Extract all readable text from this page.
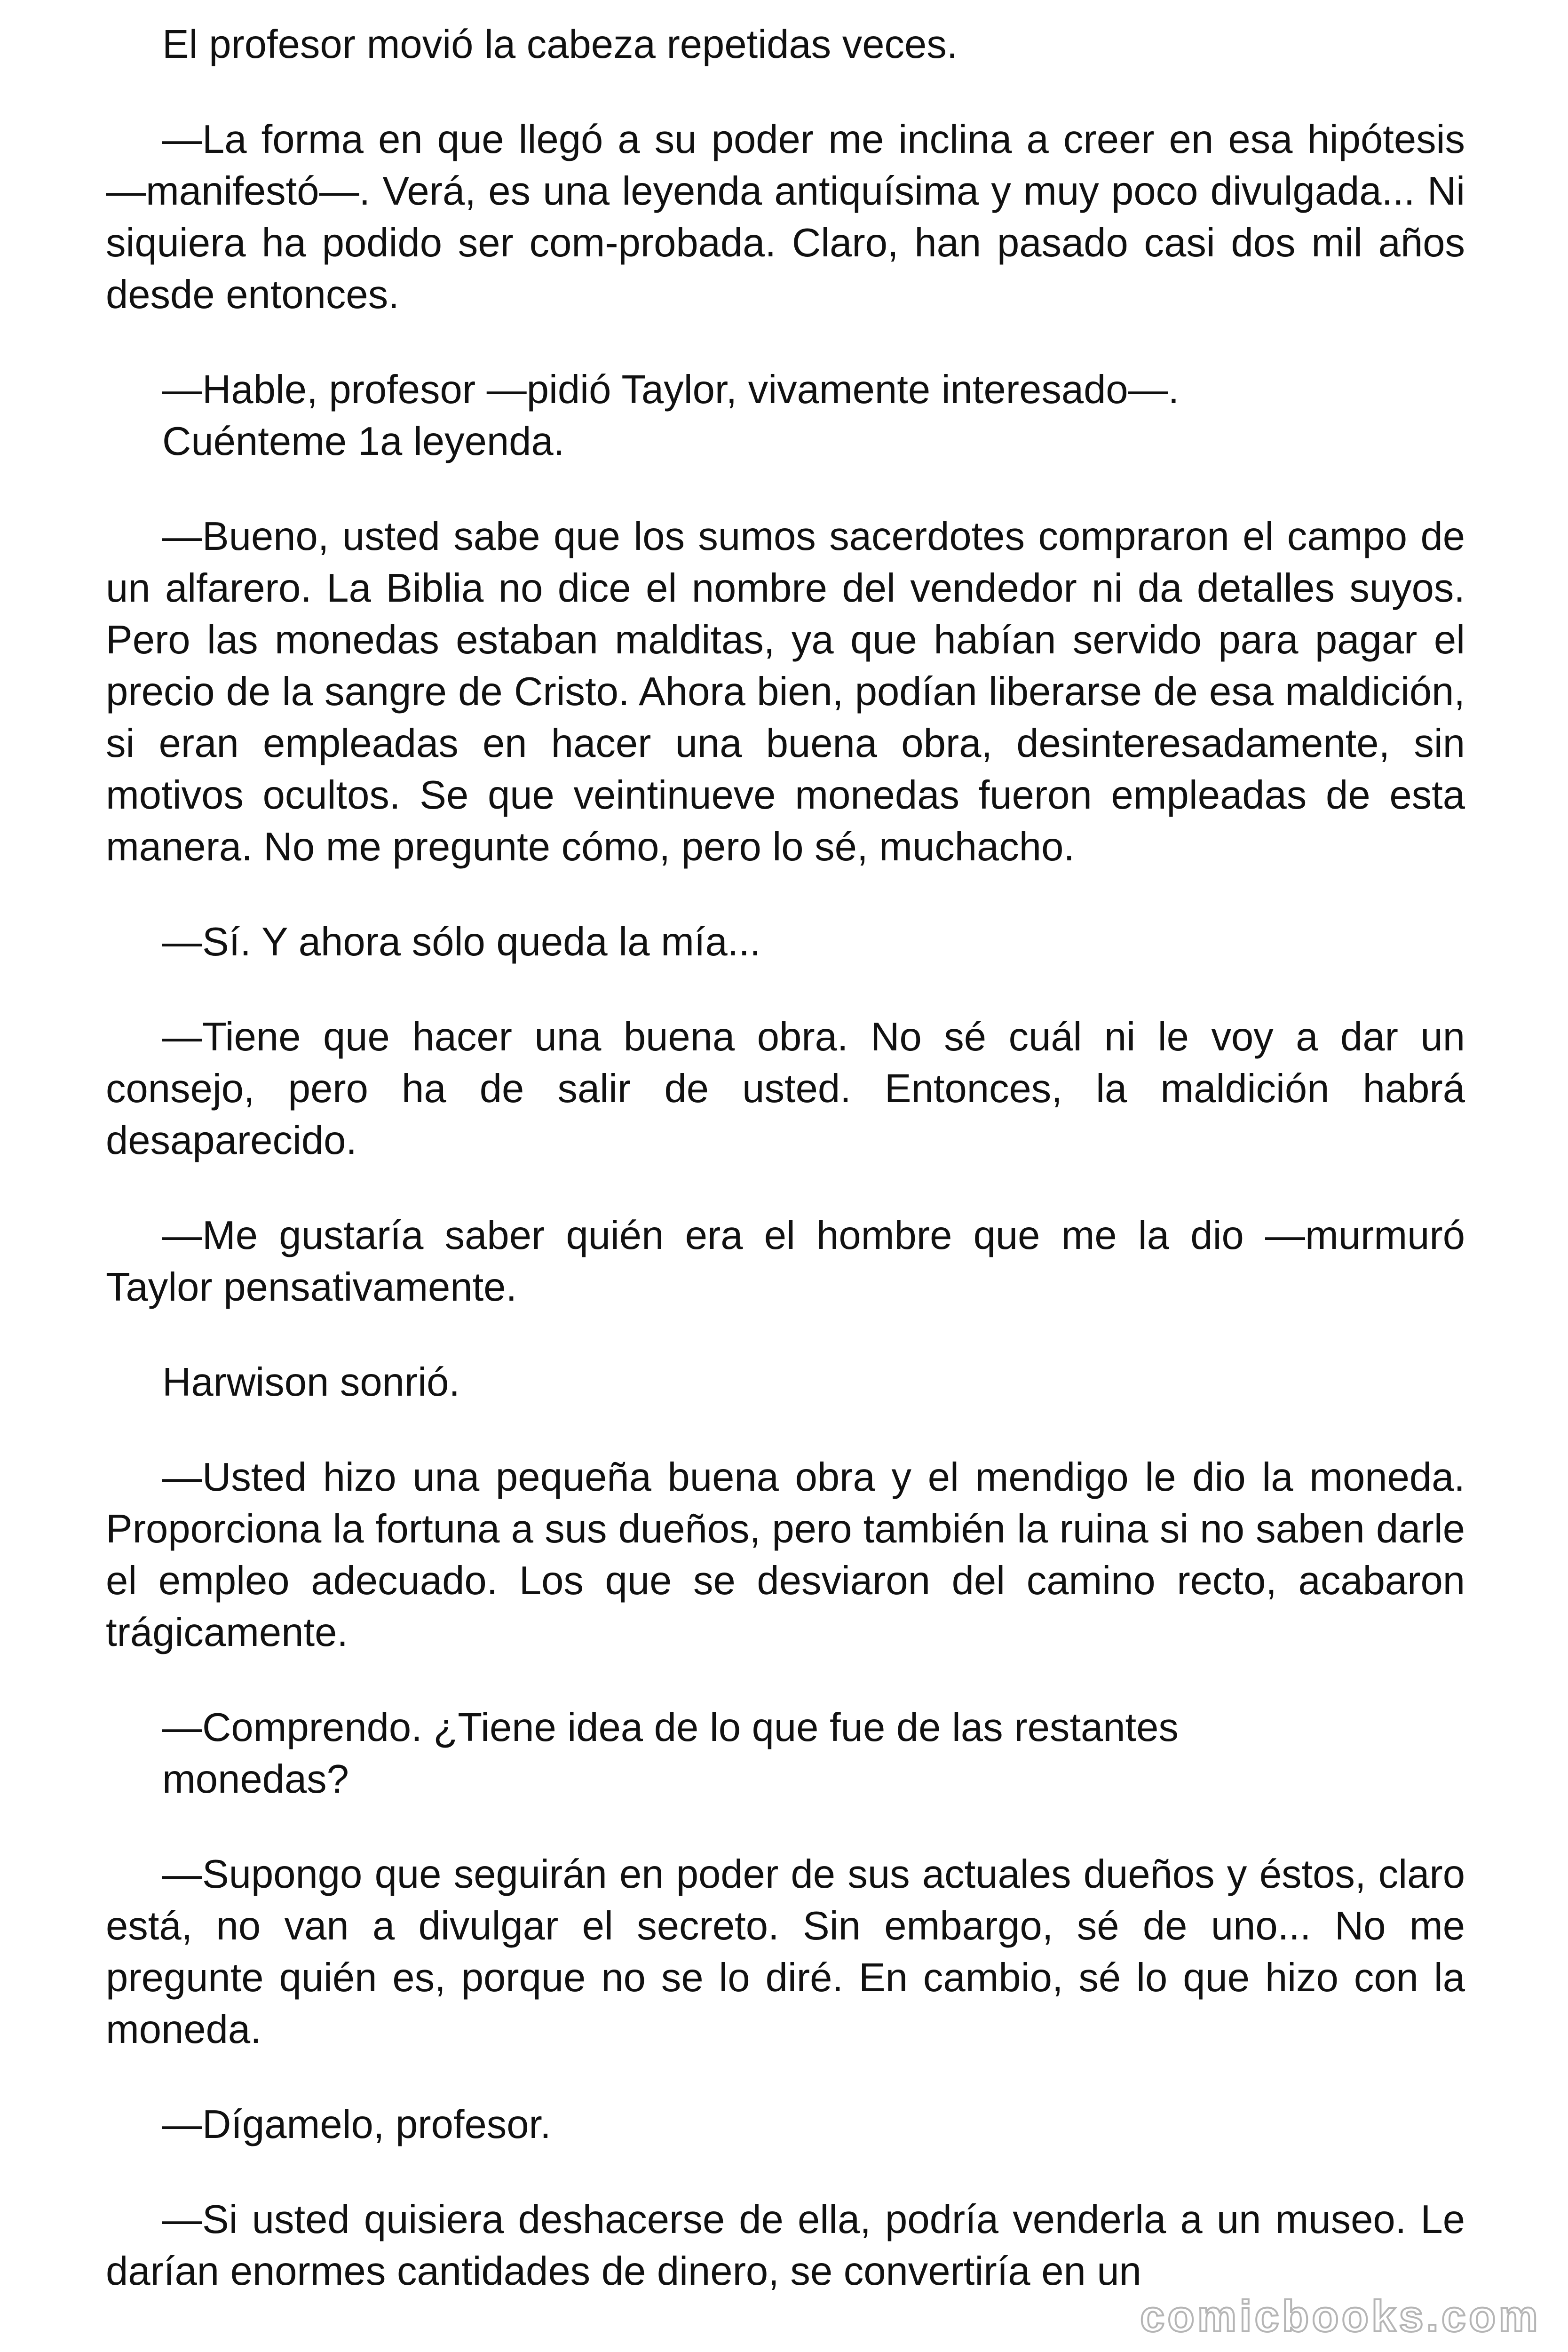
El profesor movió la cabeza repetidas veces.

—La forma en que llegó a su poder me inclina a creer en esa hipótesis —manifestó—. Verá, es una leyenda antiquísima y muy poco divulgada... Ni siquiera ha podido ser com-probada. Claro, han pasado casi dos mil años desde entonces.

—Hable, profesor —pidió Taylor, vivamente interesado—.

Cuénteme 1a leyenda.

—Bueno, usted sabe que los sumos sacerdotes compraron el campo de un alfarero. La Biblia no dice el nombre del vendedor ni da detalles suyos. Pero las monedas estaban malditas, ya que habían servido para pagar el precio de la sangre de Cristo. Ahora bien, podían liberarse de esa maldición, si eran empleadas en hacer una buena obra, desinteresadamente, sin motivos ocultos. Se que veintinueve monedas fueron empleadas de esta manera. No me pregunte cómo, pero lo sé, muchacho.

—Sí. Y ahora sólo queda la mía...

—Tiene que hacer una buena obra. No sé cuál ni le voy a dar un consejo, pero ha de salir de usted. Entonces, la maldición habrá desaparecido.

—Me gustaría saber quién era el hombre que me la dio —murmuró Taylor pensativamente.

Harwison sonrió.

—Usted hizo una pequeña buena obra y el mendigo le dio la moneda. Proporciona la fortuna a sus dueños, pero también la ruina si no saben darle el empleo adecuado. Los que se desviaron del camino recto, acabaron trágicamente.

—Comprendo. ¿Tiene idea de lo que fue de las restantes

monedas?

—Supongo que seguirán en poder de sus actuales dueños y éstos, claro está, no van a divulgar el secreto. Sin embargo, sé de uno... No me pregunte quién es, porque no se lo diré. En cambio, sé lo que hizo con la moneda.

—Dígamelo, profesor.

—Si usted quisiera deshacerse de ella, podría venderla a un museo. Le darían enormes cantidades de dinero, se convertiría en un

comicbooks.com
